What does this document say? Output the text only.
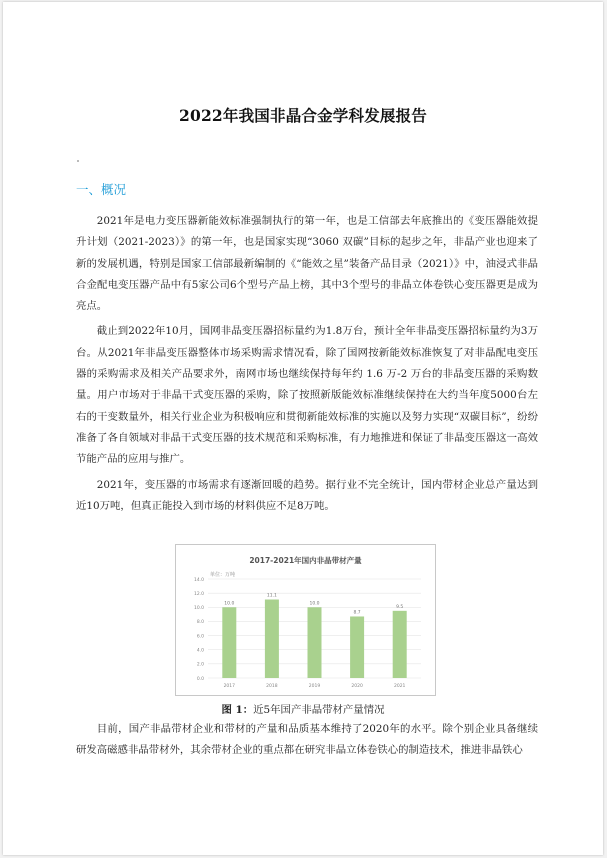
2022年我国非晶合金学科发展报告
一、概况

2021年是电力变压器新能效标准强制执行的第一年，也是工信部去年底推出的《变压器能效提升计划（2021-2023）》的第一年，也是国家实现“3060 双碳”目标的起步之年，非晶产业也迎来了新的发展机遇，特别是国家工信部最新编制的《“能效之星”装备产品目录（2021）》中，油浸式非晶合金配电变压器产品中有5家公司6个型号产品上榜，其中3个型号的非晶立体卷铁心变压器更是成为亮点。

截止到2022年10月，国网非晶变压器招标量约为1.8万台，预计全年非晶变压器招标量约为3万台。从2021年非晶变压器整体市场采购需求情况看，除了国网按新能效标准恢复了对非晶配电变压器的采购需求及相关产品要求外，南网市场也继续保持每年约 1.6 万-2 万台的非晶变压器的采购数量。用户市场对于非晶干式变压器的采购，除了按照新版能效标准继续保持在大约当年度5000台左右的干变数量外，相关行业企业为积极响应和贯彻新能效标准的实施以及努力实现“双碳目标”，纷纷准备了各自领域对非晶干式变压器的技术规范和采购标准，有力地推进和保证了非晶变压器这一高效节能产品的应用与推广。

2021年，变压器的市场需求有逐渐回暖的趋势。据行业不完全统计，国内带材企业总产量达到近10万吨，但真正能投入到市场的材料供应不足8万吨。

2017-2021年国内非晶带材产量
单位：万吨
0.0
2.0
4.0
6.0
8.0
10.0
12.0
14.0
10.0
11.1
10.0
8.7
9.5
2017	2018	2019	2020	2021
图 1：近5年国产非晶带材产量情况

目前，国产非晶带材企业和带材的产量和品质基本维持了2020年的水平。除个别企业具备继续研发高磁感非晶带材外，其余带材企业的重点都在研究非晶立体卷铁心的制造技术，推进非晶铁心
